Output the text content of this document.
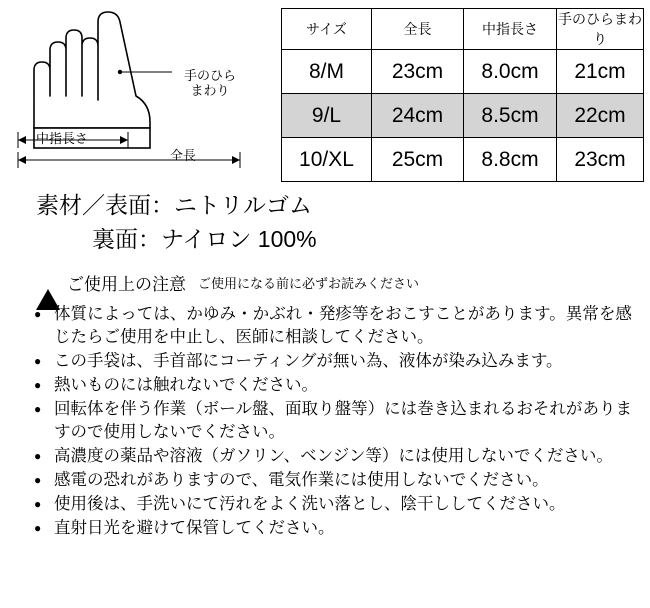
手のひら
まわり
中指長さ
全長
サイズ	全長	中指長さ	手のひらまわり
8/M	23cm	8.0cm	21cm
9/L	24cm	8.5cm	22cm
10/XL	25cm	8.8cm	23cm
素材／表面：ニトリルゴム
裏面：ナイロン 100%
! ご使用上の注意 ご使用になる前に必ずお読みください
● 体質によっては、かゆみ・かぶれ・発疹等をおこすことがあります。異常を感じたらご使用を中止し、医師に相談してください。
● この手袋は、手首部にコーティングが無い為、液体が染み込みます。
● 熱いものには触れないでください。
● 回転体を伴う作業（ボール盤、面取り盤等）には巻き込まれるおそれがありますので使用しないでください。
● 高濃度の薬品や溶液（ガソリン、ベンジン等）には使用しないでください。
● 感電の恐れがありますので、電気作業には使用しないでください。
● 使用後は、手洗いにて汚れをよく洗い落とし、陰干ししてください。
● 直射日光を避けて保管してください。
